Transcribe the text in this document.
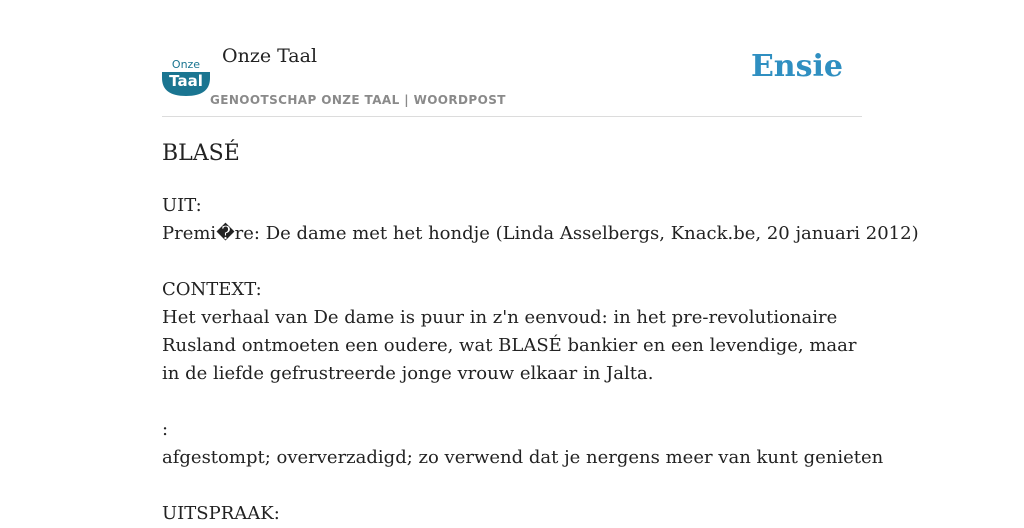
Onze
Taal
Onze Taal
GENOOTSCHAP ONZE TAAL | WOORDPOST
Ensie
BLASÉ
UIT:
Premi�re: De dame met het hondje (Linda Asselbergs, Knack.be, 20 januari 2012)
CONTEXT:
Het verhaal van De dame is puur in z'n eenvoud: in het pre-revolutionaire Rusland ontmoeten een oudere, wat BLASÉ bankier en een levendige, maar in de liefde gefrustreerde jonge vrouw elkaar in Jalta.
:
afgestompt; oververzadigd; zo verwend dat je nergens meer van kunt genieten
UITSPRAAK:
